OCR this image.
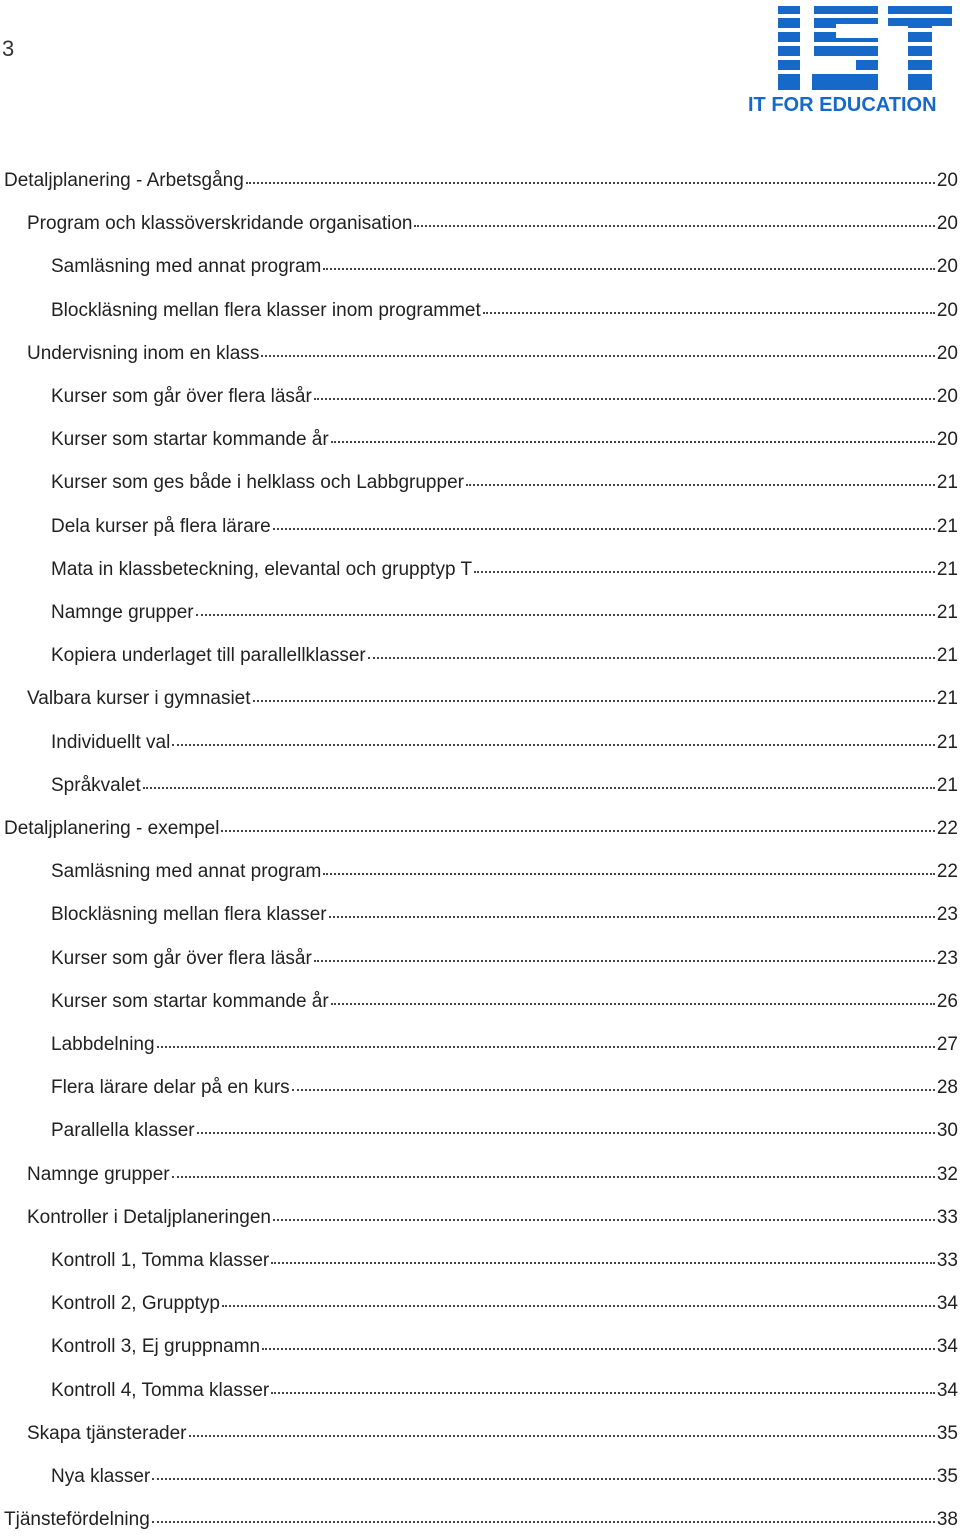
3
IT FOR EDUCATION
Detaljplanering - Arbetsgång	20
Program och klassöverskridande organisation	20
Samläsning med annat program	20
Blockläsning mellan flera klasser inom programmet	20
Undervisning inom en klass	20
Kurser som går över flera läsår	20
Kurser som startar kommande år	20
Kurser som ges både i helklass och Labbgrupper	21
Dela kurser på flera lärare	21
Mata in klassbeteckning, elevantal och grupptyp T	21
Namnge grupper	21
Kopiera underlaget till parallellklasser	21
Valbara kurser i gymnasiet	21
Individuellt val	21
Språkvalet	21
Detaljplanering - exempel	22
Samläsning med annat program	22
Blockläsning mellan flera klasser	23
Kurser som går över flera läsår	23
Kurser som startar kommande år	26
Labbdelning	27
Flera lärare delar på en kurs	28
Parallella klasser	30
Namnge grupper	32
Kontroller i Detaljplaneringen	33
Kontroll 1, Tomma klasser	33
Kontroll 2, Grupptyp	34
Kontroll 3, Ej gruppnamn	34
Kontroll 4, Tomma klasser	34
Skapa tjänsterader	35
Nya klasser	35
Tjänstefördelning	38
